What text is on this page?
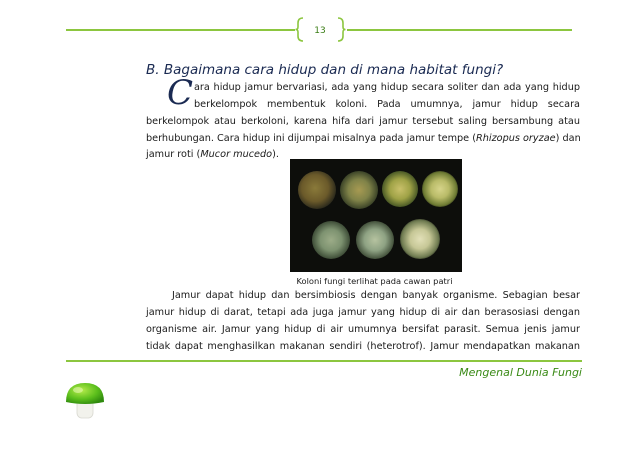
13
B. Bagaimana cara hidup dan di mana habitat fungi?
C ara hidup jamur bervariasi, ada yang hidup secara soliter dan ada yang hidup
berkelompok membentuk koloni. Pada umumnya, jamur hidup secara
berkelompok atau berkoloni, karena hifa dari jamur tersebut saling bersambung atau
berhubungan. Cara hidup ini dijumpai misalnya pada jamur tempe (Rhizopus oryzae) dan
jamur roti (Mucor mucedo).
Koloni fungi terlihat pada cawan patri
Jamur dapat hidup dan bersimbiosis dengan banyak organisme. Sebagian besar
jamur hidup di darat, tetapi ada juga jamur yang hidup di air dan berasosiasi dengan
organisme air. Jamur yang hidup di air umumnya bersifat parasit. Semua jenis jamur
tidak dapat menghasilkan makanan sendiri (heterotrof). Jamur mendapatkan makanan
Mengenal Dunia Fungi
